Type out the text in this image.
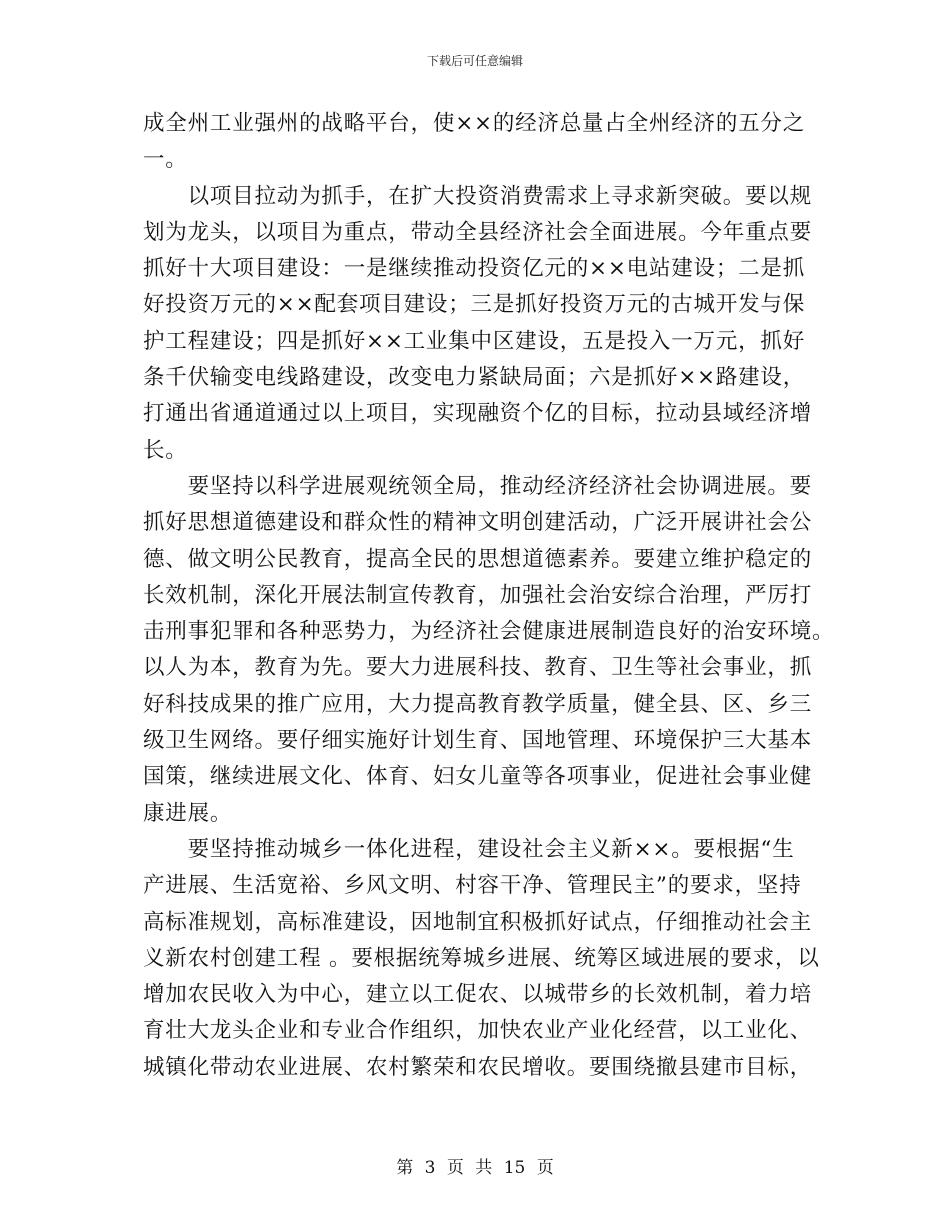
下载后可任意编辑
成全州工业强州的战略平台，使××的经济总量占全州经济的五分之
一。
　　以项目拉动为抓手，在扩大投资消费需求上寻求新突破。要以规
划为龙头，以项目为重点，带动全县经济社会全面进展。今年重点要
抓好十大项目建设：一是继续推动投资亿元的××电站建设；二是抓
好投资万元的××配套项目建设；三是抓好投资万元的古城开发与保
护工程建设；四是抓好××工业集中区建设，五是投入一万元，抓好
条千伏输变电线路建设，改变电力紧缺局面；六是抓好××路建设，
打通出省通道通过以上项目，实现融资个亿的目标，拉动县域经济增
长。
　　要坚持以科学进展观统领全局，推动经济经济社会协调进展。要
抓好思想道德建设和群众性的精神文明创建活动，广泛开展讲社会公
德、做文明公民教育，提高全民的思想道德素养。要建立维护稳定的
长效机制，深化开展法制宣传教育，加强社会治安综合治理，严厉打
击刑事犯罪和各种恶势力，为经济社会健康进展制造良好的治安环境。
以人为本，教育为先。要大力进展科技、教育、卫生等社会事业，抓
好科技成果的推广应用，大力提高教育教学质量，健全县、区、乡三
级卫生网络。要仔细实施好计划生育、国地管理、环境保护三大基本
国策，继续进展文化、体育、妇女儿童等各项事业，促进社会事业健
康进展。
　　要坚持推动城乡一体化进程，建设社会主义新××。要根据“生
产进展、生活宽裕、乡风文明、村容干净、管理民主”的要求，坚持
高标准规划，高标准建设，因地制宜积极抓好试点，仔细推动社会主
义新农村创建工程 。要根据统筹城乡进展、统筹区域进展的要求，以
增加农民收入为中心，建立以工促农、以城带乡的长效机制，着力培
育壮大龙头企业和专业合作组织，加快农业产业化经营，以工业化、
城镇化带动农业进展、农村繁荣和农民增收。要围绕撤县建市目标，
第 3 页 共 15 页
